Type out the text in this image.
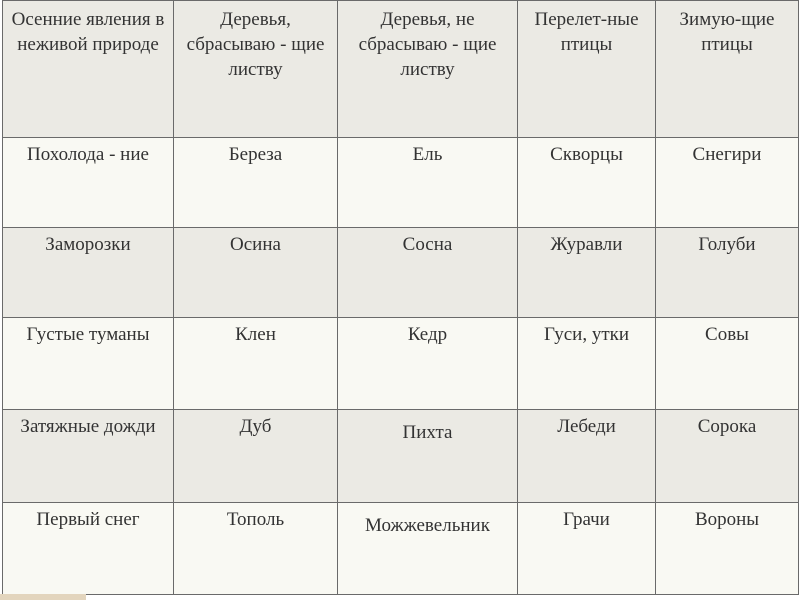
Осенние явления в неживой природе	Деревья, сбрасываю - щие листву	Деревья, не сбрасываю - щие листву	Перелет-ные птицы	Зимую-щие птицы

Похолода - ние	Береза	Ель	Скворцы	Снегири

Заморозки	Осина	Сосна	Журавли	Голуби

Густые туманы	Клен	Кедр	Гуси, утки	Совы

Затяжные дожди	Дуб	Пихта	Лебеди	Сорока

Первый снег	Тополь	Можжевельник	Грачи	Вороны
